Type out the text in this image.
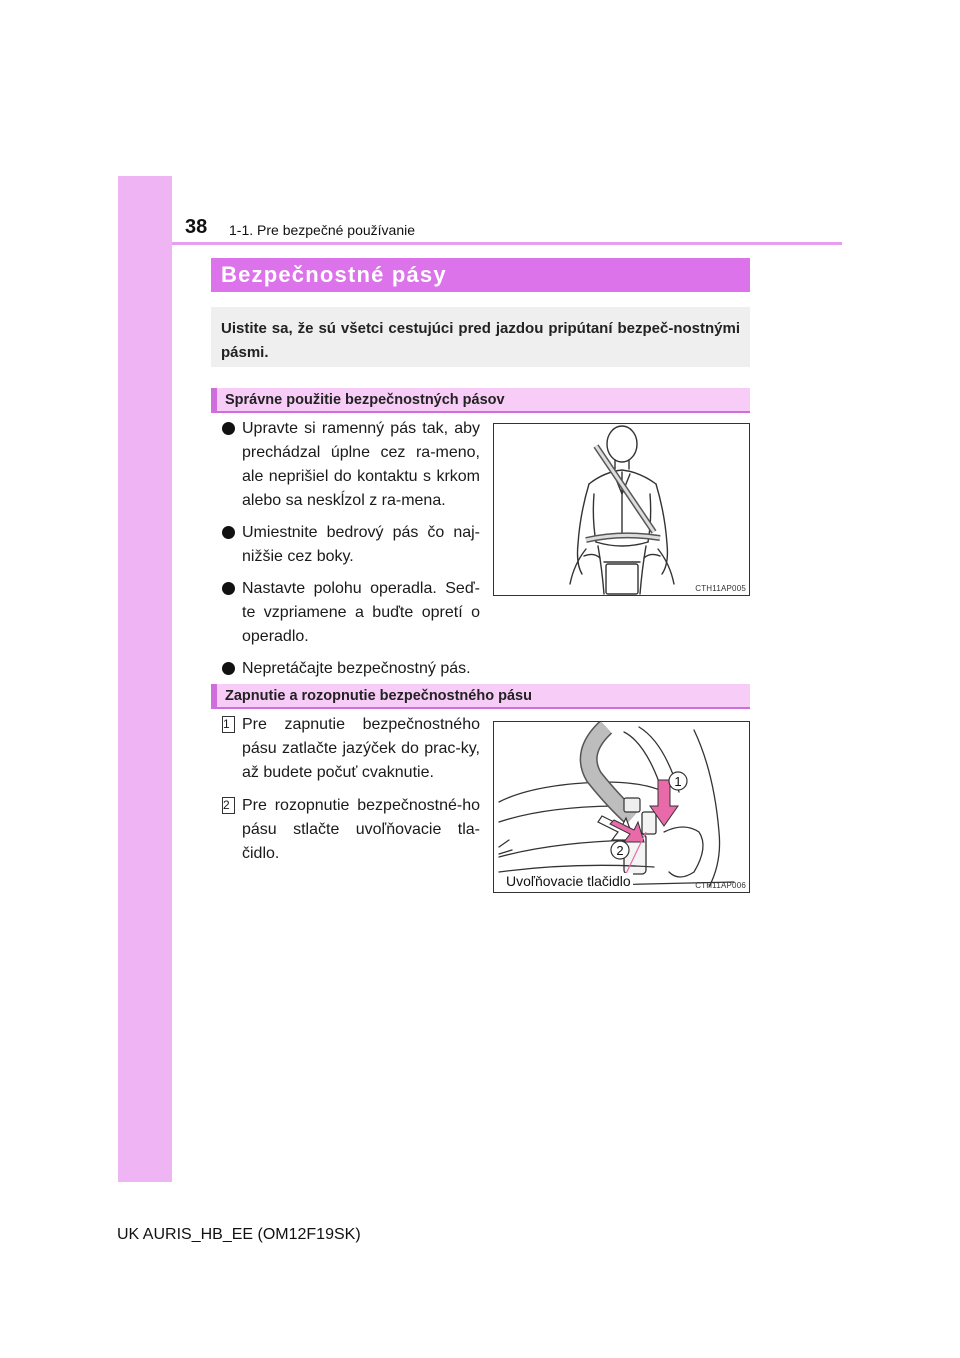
38 1-1. Pre bezpečné používanie
Bezpečnostné pásy
Uistite sa, že sú všetci cestujúci pred jazdou pripútaní bezpeč-nostnými pásmi.
Správne použitie bezpečnostných pásov
Upravte si ramenný pás tak, aby prechádzal úplne cez ra-meno, ale neprišiel do kontaktu s krkom alebo sa neskĺzol z ra-mena.
Umiestnite bedrový pás čo naj-nižšie cez boky.
Nastavte polohu operadla. Seď-te vzpriamene a buďte opretí o operadlo.
Nepretáčajte bezpečnostný pás.
CTH11AP005
Zapnutie a rozopnutie bezpečnostného pásu
1 Pre zapnutie bezpečnostného pásu zatlačte jazýček do prac-ky, až budete počuť cvaknutie.
2 Pre rozopnutie bezpečnostné-ho pásu stlačte uvoľňovacie tla-čidlo.
1
2
Uvoľňovacie tlačidlo	CTH11AP006
UK AURIS_HB_EE (OM12F19SK)
